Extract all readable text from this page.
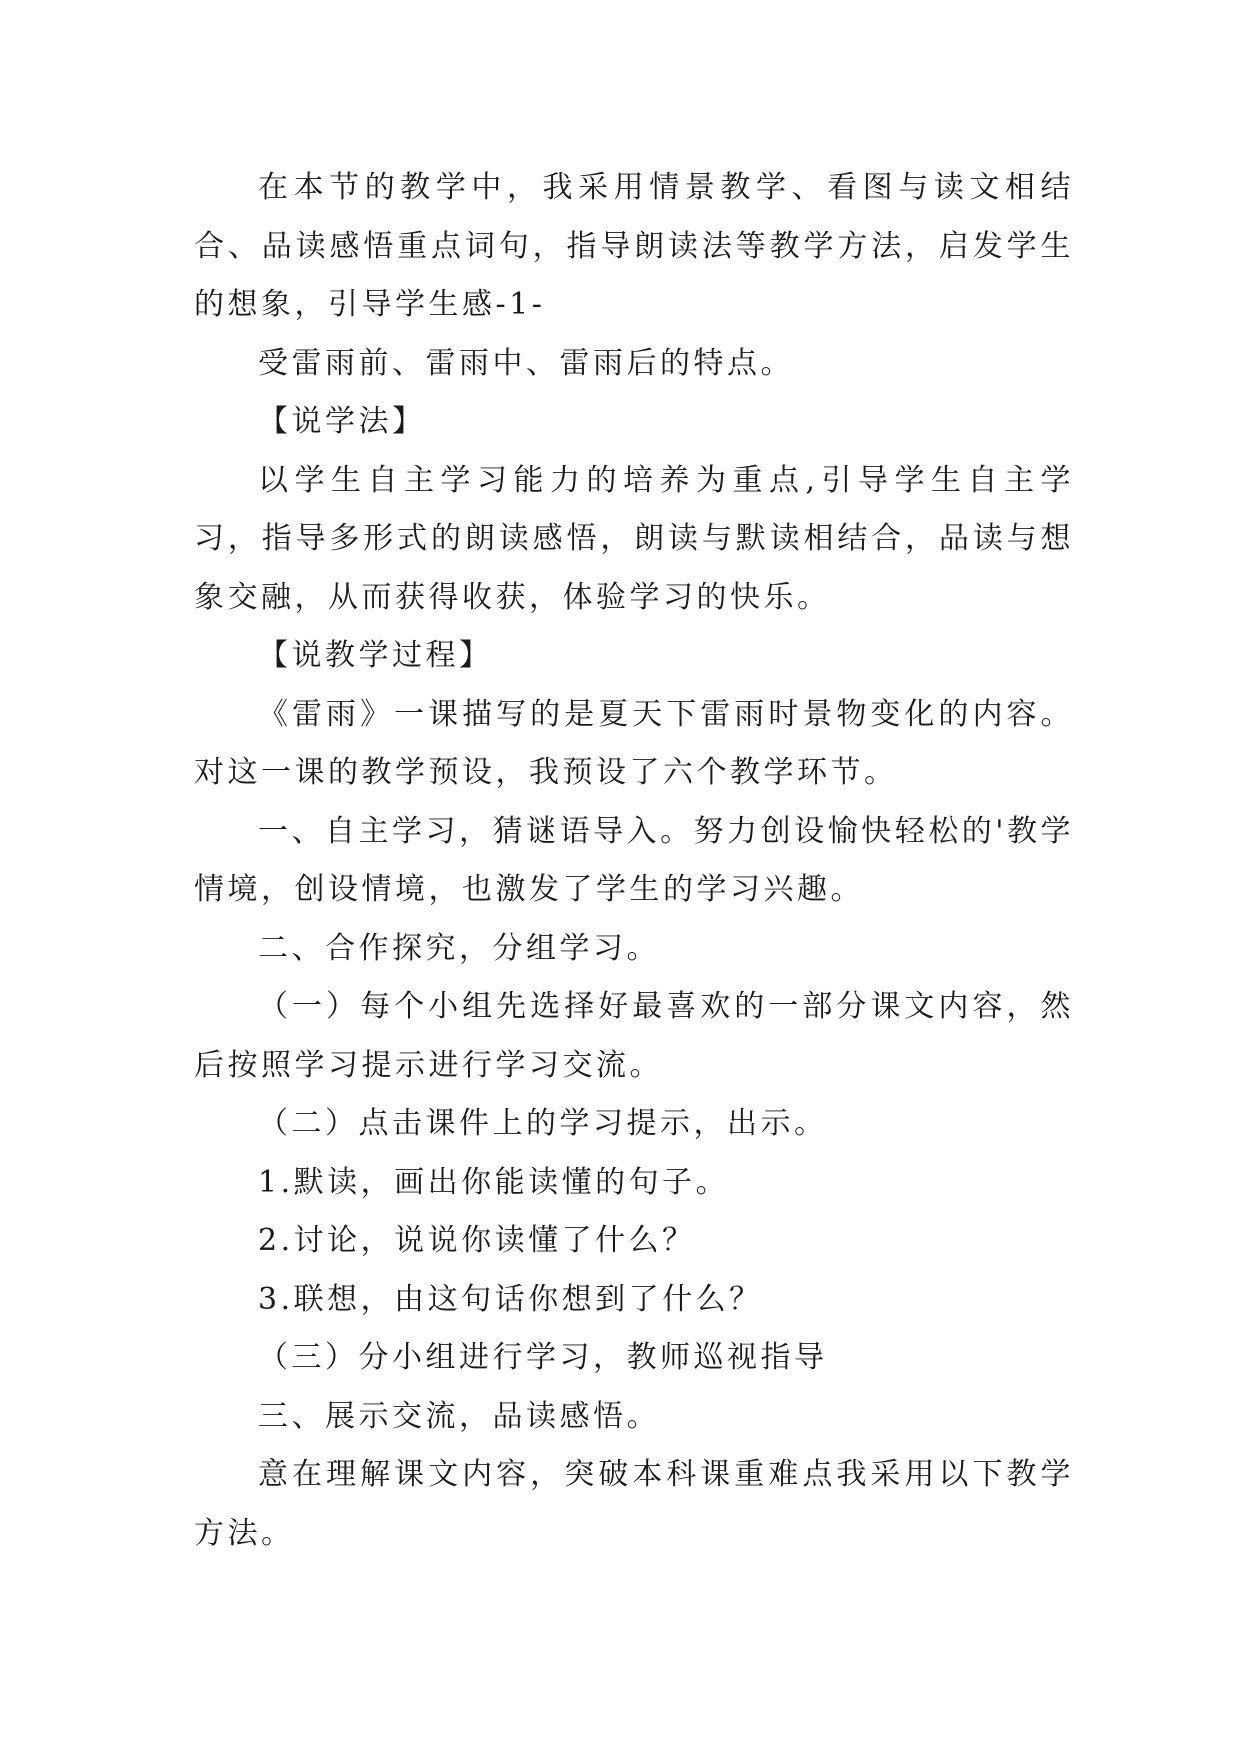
在本节的教学中，我采用情景教学、看图与读文相结合、品读感悟重点词句，指导朗读法等教学方法，启发学生的想象，引导学生感-1-

受雷雨前、雷雨中、雷雨后的特点。

【说学法】

以学生自主学习能力的培养为重点,引导学生自主学习，指导多形式的朗读感悟，朗读与默读相结合，品读与想象交融，从而获得收获，体验学习的快乐。

【说教学过程】

《雷雨》一课描写的是夏天下雷雨时景物变化的内容。对这一课的教学预设，我预设了六个教学环节。

一、自主学习，猜谜语导入。努力创设愉快轻松的'教学情境，创设情境，也激发了学生的学习兴趣。

二、合作探究，分组学习。

（一）每个小组先选择好最喜欢的一部分课文内容，然后按照学习提示进行学习交流。

（二）点击课件上的学习提示，出示。

1.默读，画出你能读懂的句子。

2.讨论，说说你读懂了什么？

3.联想，由这句话你想到了什么？

（三）分小组进行学习，教师巡视指导

三、展示交流，品读感悟。

意在理解课文内容，突破本科课重难点我采用以下教学方法。
